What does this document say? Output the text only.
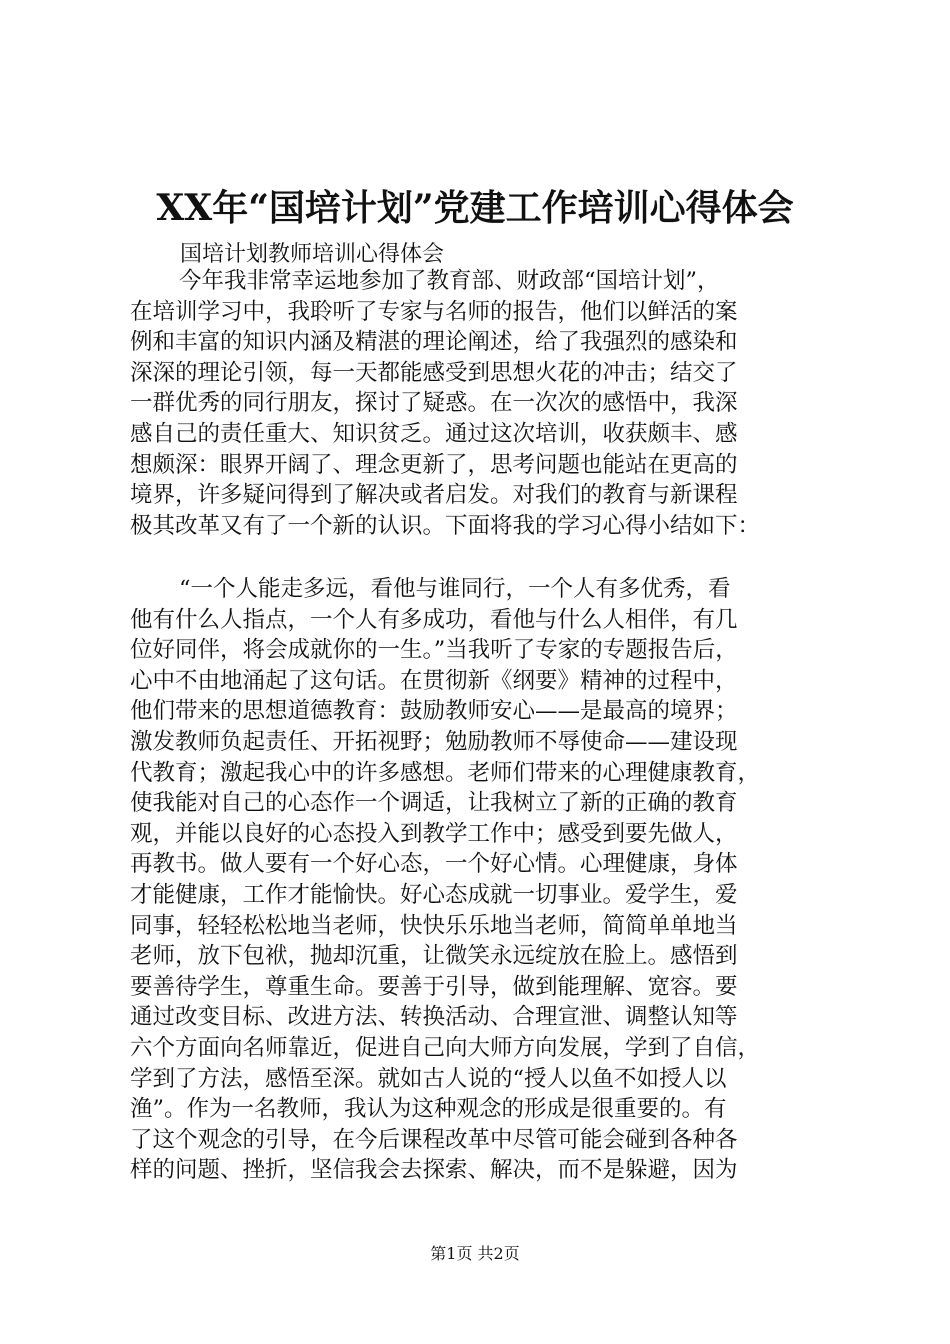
XX年“国培计划”党建工作培训心得体会
国培计划教师培训心得体会
今年我非常幸运地参加了教育部、财政部“国培计划”，
在培训学习中，我聆听了专家与名师的报告，他们以鲜活的案
例和丰富的知识内涵及精湛的理论阐述，给了我强烈的感染和
深深的理论引领，每一天都能感受到思想火花的冲击；结交了
一群优秀的同行朋友，探讨了疑惑。在一次次的感悟中，我深
感自己的责任重大、知识贫乏。通过这次培训，收获颇丰、感
想颇深：眼界开阔了、理念更新了，思考问题也能站在更高的
境界，许多疑问得到了解决或者启发。对我们的教育与新课程
极其改革又有了一个新的认识。下面将我的学习心得小结如下：
“一个人能走多远，看他与谁同行，一个人有多优秀，看
他有什么人指点，一个人有多成功，看他与什么人相伴，有几
位好同伴，将会成就你的一生。”当我听了专家的专题报告后，
心中不由地涌起了这句话。在贯彻新《纲要》精神的过程中，
他们带来的思想道德教育：鼓励教师安心——是最高的境界；
激发教师负起责任、开拓视野；勉励教师不辱使命——建设现
代教育；激起我心中的许多感想。老师们带来的心理健康教育，
使我能对自己的心态作一个调适，让我树立了新的正确的教育
观，并能以良好的心态投入到教学工作中；感受到要先做人，
再教书。做人要有一个好心态，一个好心情。心理健康，身体
才能健康，工作才能愉快。好心态成就一切事业。爱学生，爱
同事，轻轻松松地当老师，快快乐乐地当老师，简简单单地当
老师，放下包袱，抛却沉重，让微笑永远绽放在脸上。感悟到
要善待学生，尊重生命。要善于引导，做到能理解、宽容。要
通过改变目标、改进方法、转换活动、合理宣泄、调整认知等
六个方面向名师靠近，促进自己向大师方向发展，学到了自信，
学到了方法，感悟至深。就如古人说的“授人以鱼不如授人以
渔”。作为一名教师，我认为这种观念的形成是很重要的。有
了这个观念的引导，在今后课程改革中尽管可能会碰到各种各
样的问题、挫折，坚信我会去探索、解决，而不是躲避，因为
第1页 共2页
